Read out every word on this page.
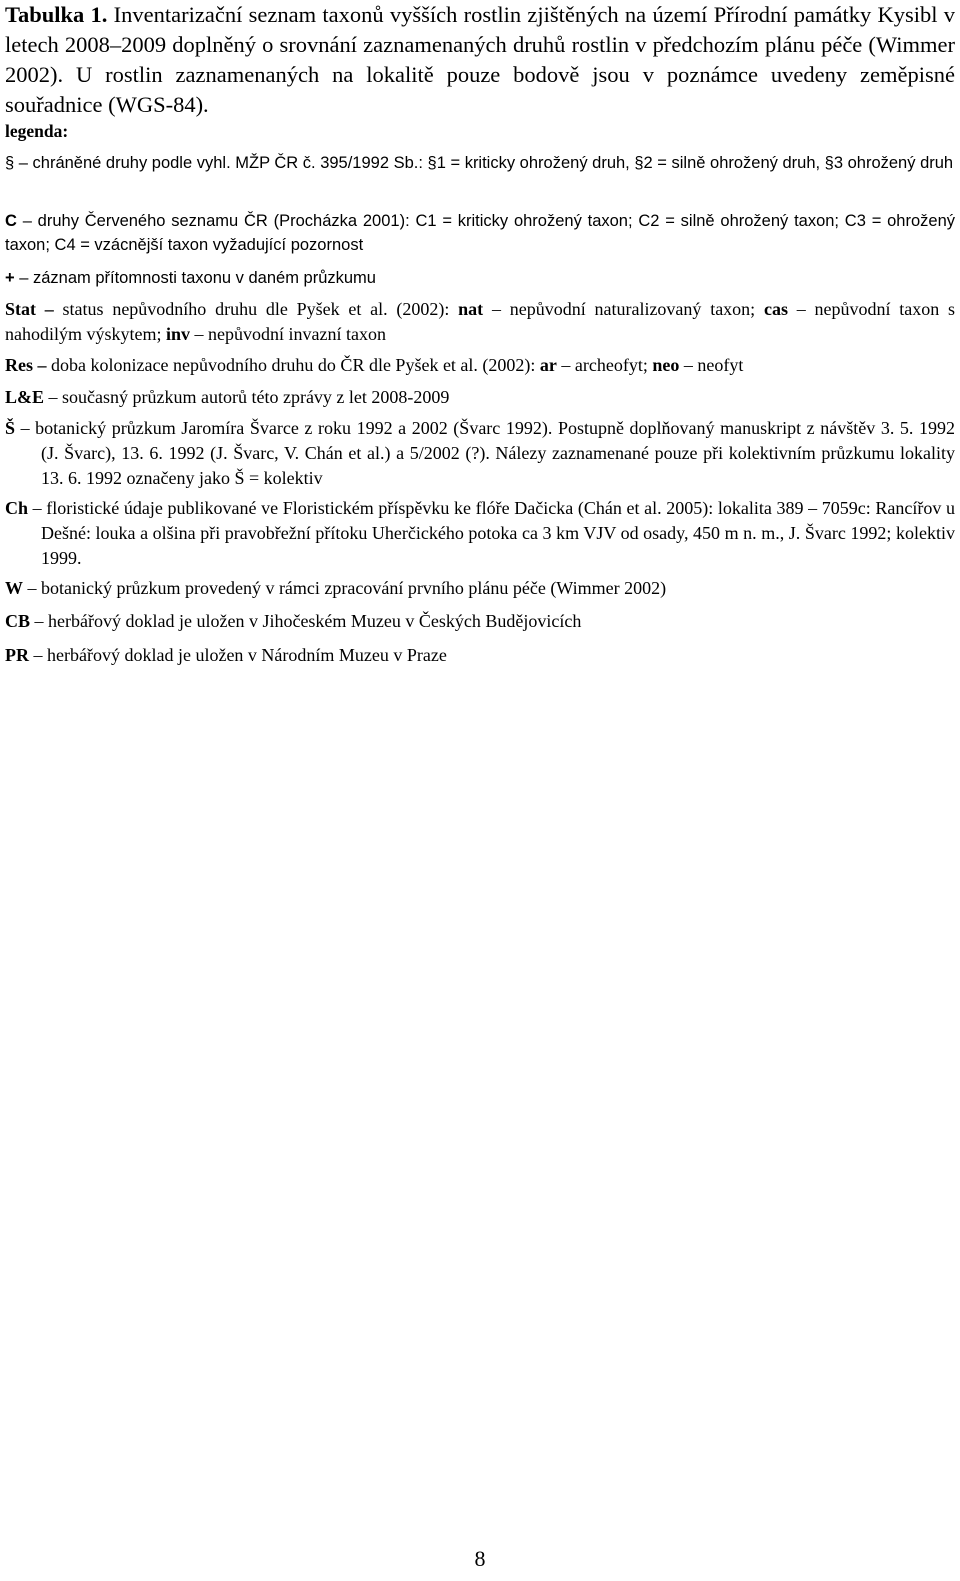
Tabulka 1. Inventarizační seznam taxonů vyšších rostlin zjištěných na území Přírodní památky Kysibl v letech 2008–2009 doplněný o srovnání zaznamenaných druhů rostlin v předchozím plánu péče (Wimmer 2002). U rostlin zaznamenaných na lokalitě pouze bodově jsou v poznámce uvedeny zeměpisné souřadnice (WGS-84).

legenda:

§ – chráněné druhy podle vyhl. MŽP ČR č. 395/1992 Sb.: §1 = kriticky ohrožený druh, §2 = silně ohrožený druh, §3 ohrožený druh

C – druhy Červeného seznamu ČR (Procházka 2001): C1 = kriticky ohrožený taxon; C2 = silně ohrožený taxon; C3 = ohrožený taxon; C4 = vzácnější taxon vyžadující pozornost

+ – záznam přítomnosti taxonu v daném průzkumu

Stat – status nepůvodního druhu dle Pyšek et al. (2002): nat – nepůvodní naturalizovaný taxon; cas – nepůvodní taxon s nahodilým výskytem; inv – nepůvodní invazní taxon

Res – doba kolonizace nepůvodního druhu do ČR dle Pyšek et al. (2002): ar – archeofyt; neo – neofyt

L&E – současný průzkum autorů této zprávy z let 2008-2009

Š – botanický průzkum Jaromíra Švarce z roku 1992 a 2002 (Švarc 1992). Postupně doplňovaný manuskript z návštěv 3. 5. 1992 (J. Švarc), 13. 6. 1992 (J. Švarc, V. Chán et al.) a 5/2002 (?). Nálezy zaznamenané pouze při kolektivním průzkumu lokality 13. 6. 1992 označeny jako Š = kolektiv

Ch – floristické údaje publikované ve Floristickém příspěvku ke flóře Dačicka (Chán et al. 2005): lokalita 389 – 7059c: Rancířov u Dešné: louka a olšina při pravobřežní přítoku Uherčického potoka ca 3 km VJV od osady, 450 m n. m., J. Švarc 1992; kolektiv 1999.

W – botanický průzkum provedený v rámci zpracování prvního plánu péče (Wimmer 2002)

CB – herbářový doklad je uložen v Jihočeském Muzeu v Českých Budějovicích

PR – herbářový doklad je uložen v Národním Muzeu v Praze

8
